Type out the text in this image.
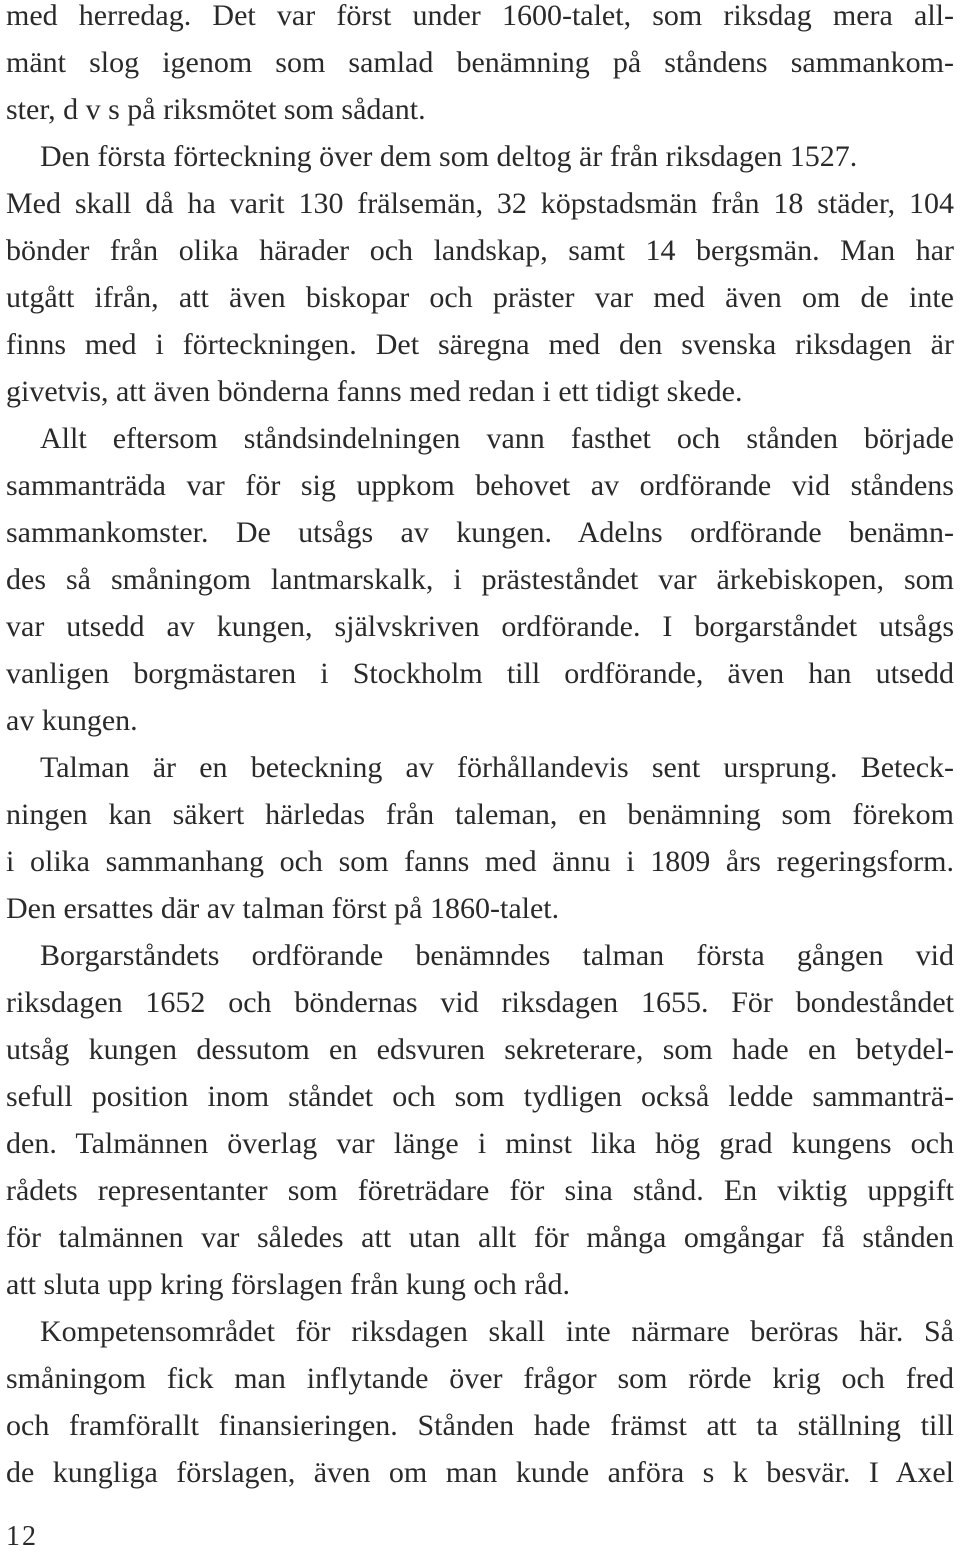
med herredag. Det var först under 1600-talet, som riksdag mera all-
mänt slog igenom som samlad benämning på ståndens sammankom-
ster, d v s på riksmötet som sådant.
Den första förteckning över dem som deltog är från riksdagen 1527.
Med skall då ha varit 130 frälsemän, 32 köpstadsmän från 18 städer, 104
bönder från olika härader och landskap, samt 14 bergsmän. Man har
utgått ifrån, att även biskopar och präster var med även om de inte
finns med i förteckningen. Det säregna med den svenska riksdagen är
givetvis, att även bönderna fanns med redan i ett tidigt skede.
Allt eftersom ståndsindelningen vann fasthet och stånden började
sammanträda var för sig uppkom behovet av ordförande vid ståndens
sammankomster. De utsågs av kungen. Adelns ordförande benämn-
des så småningom lantmarskalk, i prästeståndet var ärkebiskopen, som
var utsedd av kungen, självskriven ordförande. I borgarståndet utsågs
vanligen borgmästaren i Stockholm till ordförande, även han utsedd
av kungen.
Talman är en beteckning av förhållandevis sent ursprung. Beteck-
ningen kan säkert härledas från taleman, en benämning som förekom
i olika sammanhang och som fanns med ännu i 1809 års regeringsform.
Den ersattes där av talman först på 1860-talet.
Borgarståndets ordförande benämndes talman första gången vid
riksdagen 1652 och böndernas vid riksdagen 1655. För bondeståndet
utsåg kungen dessutom en edsvuren sekreterare, som hade en betydel-
sefull position inom ståndet och som tydligen också ledde sammanträ-
den. Talmännen överlag var länge i minst lika hög grad kungens och
rådets representanter som företrädare för sina stånd. En viktig uppgift
för talmännen var således att utan allt för många omgångar få stånden
att sluta upp kring förslagen från kung och råd.
Kompetensområdet för riksdagen skall inte närmare beröras här. Så
småningom fick man inflytande över frågor som rörde krig och fred
och framförallt finansieringen. Stånden hade främst att ta ställning till
de kungliga förslagen, även om man kunde anföra s k besvär. I Axel
12
